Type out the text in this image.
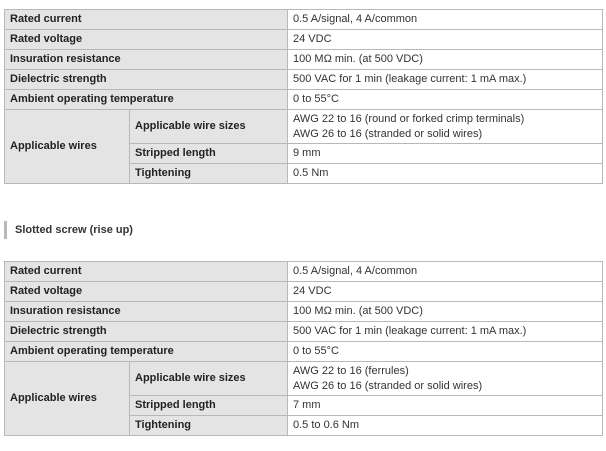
Rated current		0.5 A/signal, 4 A/common
Rated voltage		24 VDC
Insuration resistance		100 MΩ min. (at 500 VDC)
Dielectric strength		500 VAC for 1 min (leakage current: 1 mA max.)
Ambient operating temperature		0 to 55°C
Applicable wires	Applicable wire sizes	AWG 22 to 16 (round or forked crimp terminals)
AWG 26 to 16 (stranded or solid wires)

	Stripped length	9 mm
	Tightening	0.5 Nm
Slotted screw (rise up)
Rated current		0.5 A/signal, 4 A/common
Rated voltage		24 VDC
Insuration resistance		100 MΩ min. (at 500 VDC)
Dielectric strength		500 VAC for 1 min (leakage current: 1 mA max.)
Ambient operating temperature		0 to 55°C
Applicable wires	Applicable wire sizes	AWG 22 to 16 (ferrules)
AWG 26 to 16 (stranded or solid wires)

	Stripped length	7 mm
	Tightening	0.5 to 0.6 Nm
